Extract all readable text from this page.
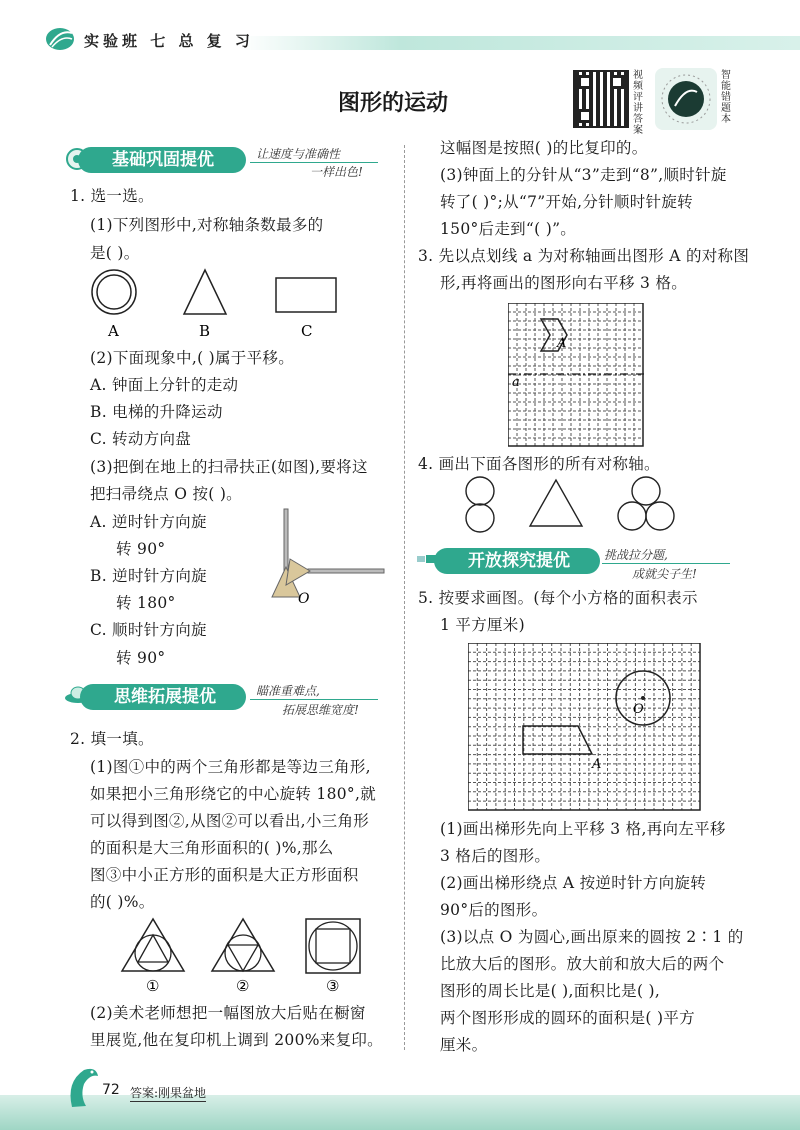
实验班 七 总 复 习
图形的运动
视频评讲答案
智能错题本
基础巩固提优	让速度与准确性
一样出色!
1. 选一选。
(1)下列图形中,对称轴条数最多的
是( )。
A	B	C
(2)下面现象中,( )属于平移。
A. 钟面上分针的走动
B. 电梯的升降运动
C. 转动方向盘
(3)把倒在地上的扫帚扶正(如图),要将这
把扫帚绕点 O 按( )。
A. 逆时针方向旋
转 90°
B. 逆时针方向旋
转 180°
C. 顺时针方向旋
转 90°
O
思维拓展提优	瞄准重难点,
拓展思维宽度!
2. 填一填。
(1)图①中的两个三角形都是等边三角形,
如果把小三角形绕它的中心旋转 180°,就
可以得到图②,从图②可以看出,小三角形
的面积是大三角形面积的( )%,那么
图③中小正方形的面积是大正方形面积
的( )%。
①	②	③
(2)美术老师想把一幅图放大后贴在橱窗
里展览,他在复印机上调到 200%来复印。
这幅图是按照( )的比复印的。
(3)钟面上的分针从“3”走到“8”,顺时针旋
转了( )°;从“7”开始,分针顺时针旋转
150°后走到“( )”。
3. 先以点划线 a 为对称轴画出图形 A 的对称图
形,再将画出的图形向右平移 3 格。
A
a
4. 画出下面各图形的所有对称轴。
开放探究提优	挑战拉分题,
成就尖子生!
5. 按要求画图。(每个小方格的面积表示
1 平方厘米)
O
A
(1)画出梯形先向上平移 3 格,再向左平移
3 格后的图形。
(2)画出梯形绕点 A 按逆时针方向旋转
90°后的图形。
(3)以点 O 为圆心,画出原来的圆按 2∶1 的
比放大后的图形。放大前和放大后的两个
图形的周长比是( ),面积比是( ),
两个图形形成的圆环的面积是( )平方
厘米。
72 答案:刚果盆地
